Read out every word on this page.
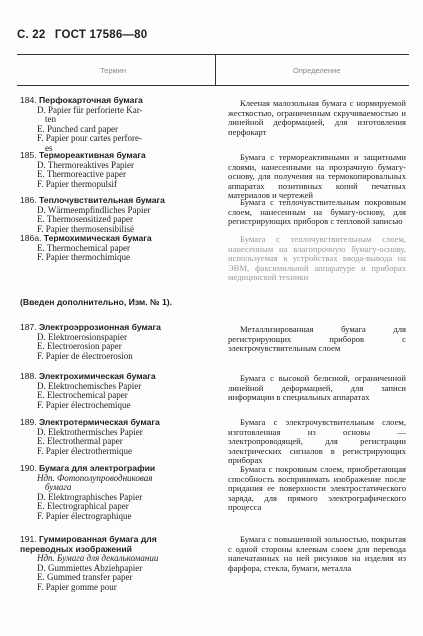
С. 22 ГОСТ 17586—80
Термин	Определение
184. Перфокарточная бумага
D. Papier für perforierte Kar-
ten
E. Punched card paper
F. Papier pour cartes perfore-
es
Клееная малозольная бумага с нормируемой жесткостью, ограниченным скручиваемостью и линейной деформацией, для изготовления перфокарт
185. Термореактивная бумага
D. Thermoreaktives Papier
E. Thermoreactive paper
F. Papier thermopulsif
Бумага с термореактивными и защитными слоями, нанесенными на прозрачную бумагу-основу, для получения на термокопировальных аппаратах позитивных копий печатных материалов и чертежей
186. Теплочувствительная бумага
D. Wärmeempfindliches Papier
E. Thermosensitized paper
F. Papier thermosensibilisé
Бумага с теплочувствительным покровным слоем, нанесенным на бумагу-основу, для регистрирующих приборов с тепловой записью
186а. Термохимическая бумага
E. Thermochemical paper
F. Papier thermochimique
Бумага с теплочувствительным слоем, нанесенным на влагопрочную бумагу-основу, используемая в устройствах ввода-вывода на ЭВМ, факсимильной аппаратуре и приборах медицинской техники
(Введен дополнительно, Изм. № 1).
187. Электроэррозионная бумага
D. Elektroerosionspapier
E. Electroerosion paper
F. Papier de électroerosion
Металлизированная бумага для регистрирующих приборов с электрочувствительным слоем
188. Электрохимическая бумага
D. Elektrochemisches Papier
E. Electrochemical paper
F. Papier électrochemique
Бумага с высокой белизной, ограниченной линейной деформацией, для записи информации в специальных аппаратах
189. Электротермическая бумага
D. Elektrothermisches Papier
E. Electrothermal paper
F. Papier électrothermique
Бумага с электрочувствительным слоем, изготовленная из основы — электропроводящей, для регистрации электрических сигналов в регистрирующих приборах
190. Бумага для электрографии
Ндп. Фотополупроводниковая
бумага
D. Elektrographisches Papier
E. Electrographical paper
F. Papier électrographique
Бумага с покровным слоем, приобретающая способность воспринимать изображение после придания ее поверхности электростатического заряда, для прямого электрографического процесса
191. Гуммированная бумага для переводных изображений
Ндп. Бумага для декалькомании
D. Gummiettes Abziehpapier
E. Gummed transfer paper
F. Papier gomme pour
Бумага с повышенной зольностью, покрытая с одной стороны клеевым слоем для перевода напечатанных на ней рисунков на изделия из фарфора, стекла, бумаги, металла
